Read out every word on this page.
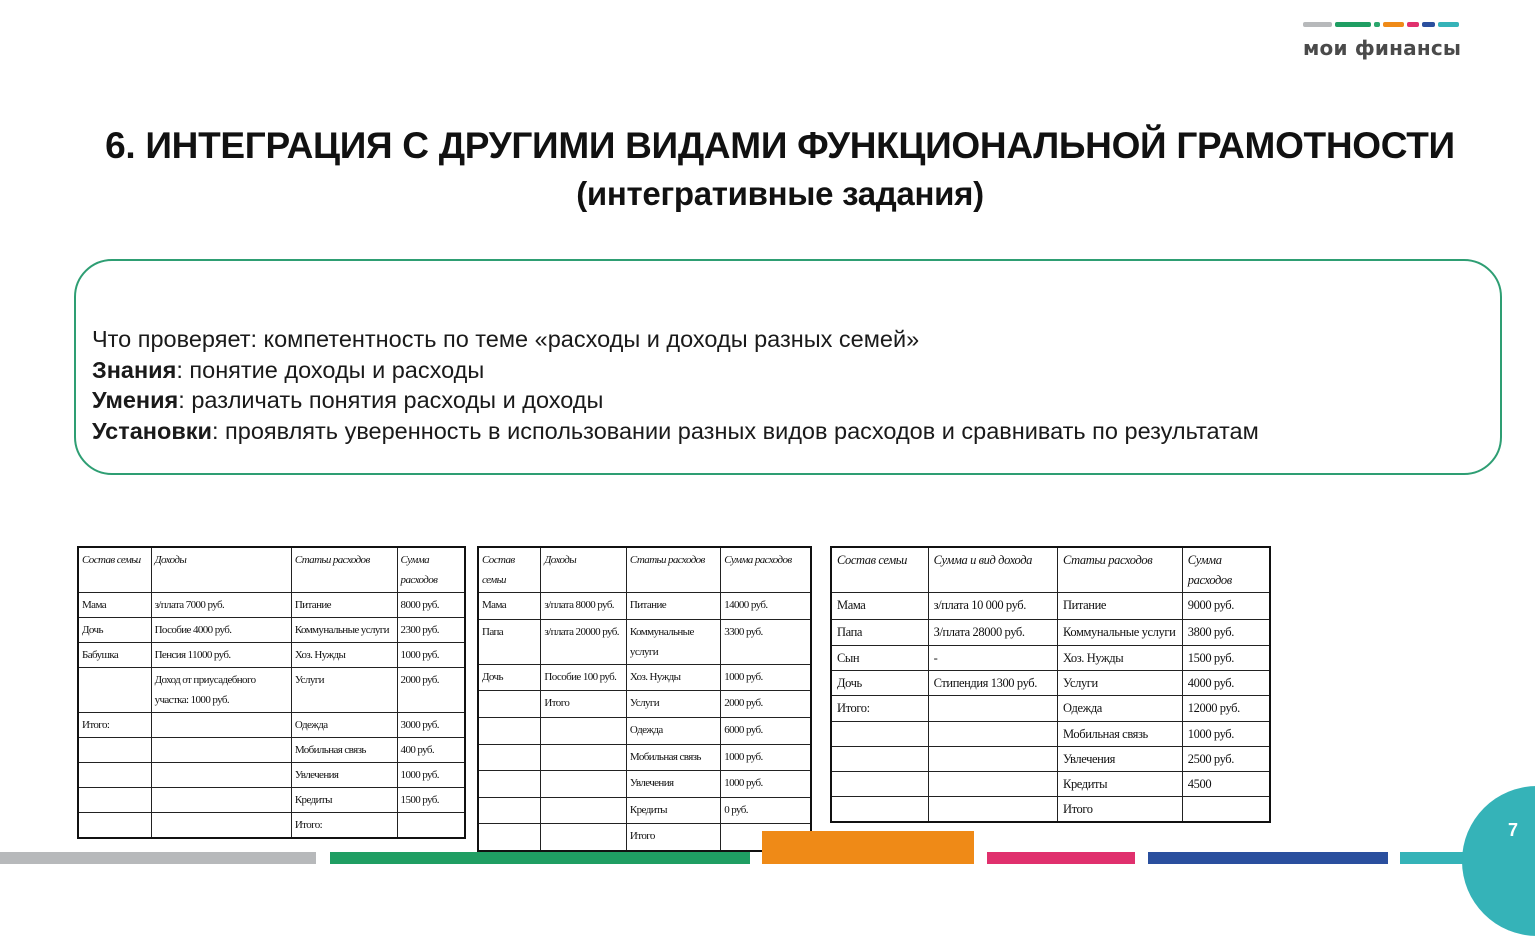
мои финансы
6. ИНТЕГРАЦИЯ С ДРУГИМИ ВИДАМИ ФУНКЦИОНАЛЬНОЙ ГРАМОТНОСТИ
(интегративные задания)
Что проверяет: компетентность по теме «расходы и доходы разных семей»
Знания: понятие доходы и расходы
Умения: различать понятия расходы и доходы
Установки: проявлять уверенность в использовании разных видов расходов и сравнивать по результатам
Состав семьи	Доходы	Статьи расходов	Сумма расходов
Мама	з/плата 7000 руб.	Питание	8000 руб.
Дочь	Пособие 4000 руб.	Коммунальные услуги	2300 руб.
Бабушка	Пенсия 11000 руб.	Хоз. Нужды	1000 руб.
	Доход от приусадебного участка: 1000 руб.	Услуги	2000 руб.
Итого:		Одежда	3000 руб.
		Мобильная связь	400 руб.
		Увлечения	1000 руб.
		Кредиты	1500 руб.
		Итого:	
Состав семьи	Доходы	Статьи расходов	Сумма расходов
Мама	з/плата 8000 руб.	Питание	14000 руб.
Папа	з/плата 20000 руб.	Коммунальные услуги	3300 руб.
Дочь	Пособие 100 руб.	Хоз. Нужды	1000 руб.
	Итого	Услуги	2000 руб.
		Одежда	6000 руб.
		Мобильная связь	1000 руб.
		Увлечения	1000 руб.
		Кредиты	0 руб.
		Итого	
Состав семьи	Сумма и вид дохода	Статьи расходов	Сумма расходов
Мама	з/плата 10 000 руб.	Питание	9000 руб.
Папа	З/плата 28000 руб.	Коммунальные услуги	3800 руб.
Сын	-	Хоз. Нужды	1500 руб.
Дочь	Стипендия 1300 руб.	Услуги	4000 руб.
Итого:		Одежда	12000 руб.
		Мобильная связь	1000 руб.
		Увлечения	2500 руб.
		Кредиты	4500
		Итого	
7
